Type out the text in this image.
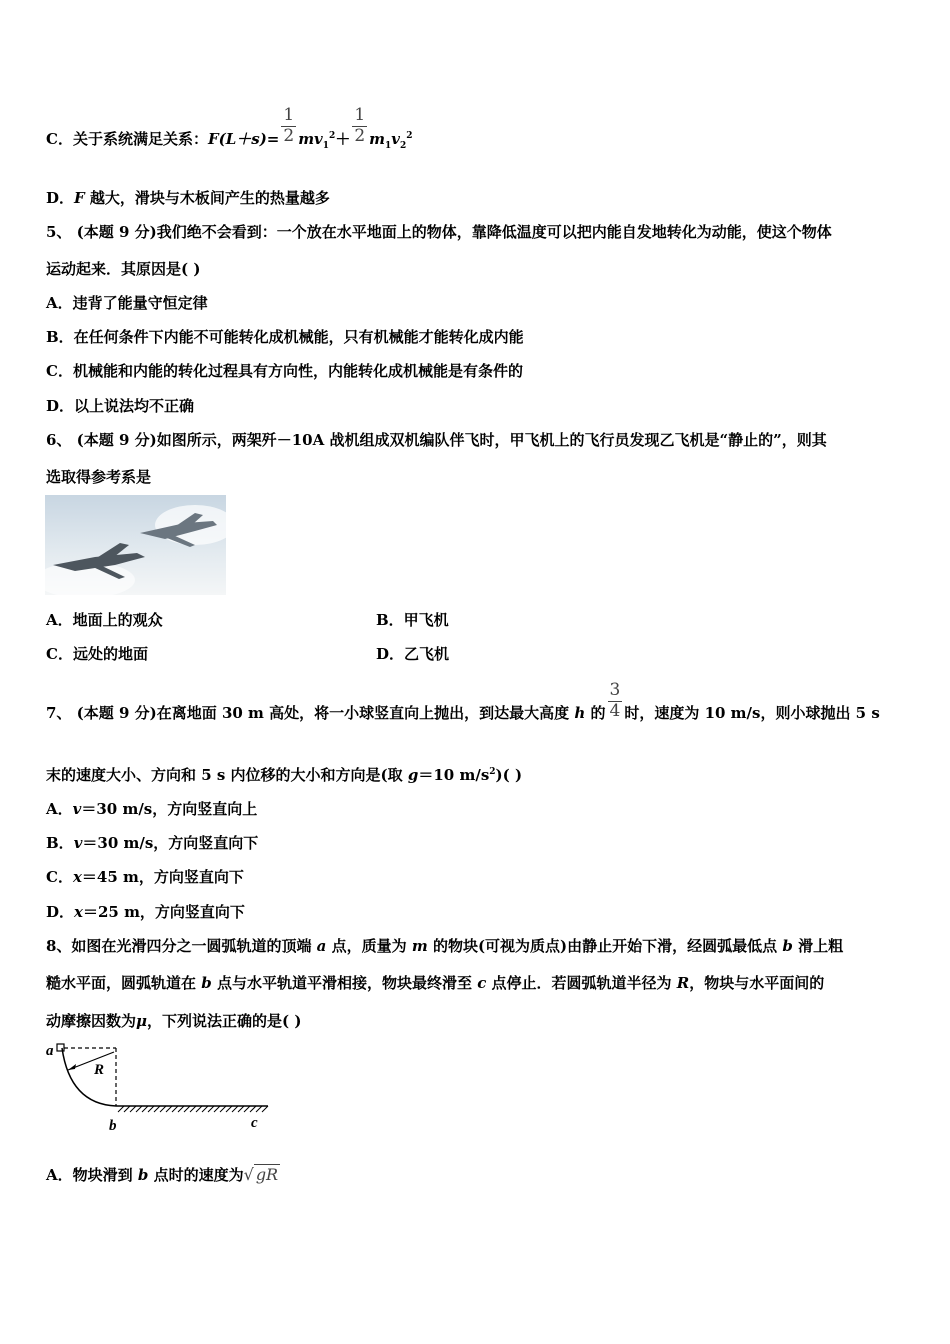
C．关于系统满足关系：$F(L+s)= \frac{1}{2} mv_1^2+ \frac{1}{2} m_1v_2^2$
D．F 越大，滑块与木板间产生的热量越多
5、 (本题 9 分)我们绝不会看到：一个放在水平地面上的物体，靠降低温度可以把内能自发地转化为动能，使这个物体
运动起来．其原因是( )
A．违背了能量守恒定律
B．在任何条件下内能不可能转化成机械能，只有机械能才能转化成内能
C．机械能和内能的转化过程具有方向性，内能转化成机械能是有条件的
D．以上说法均不正确
6、 (本题 9 分)如图所示，两架歼－10A 战机组成双机编队伴飞时，甲飞机上的飞行员发现乙飞机是“静止的”，则其
选取得参考系是
A．地面上的观众	B．甲飞机
C．远处的地面	D．乙飞机
7、 (本题 9 分)在离地面 30 m 高处，将一小球竖直向上抛出，到达最大高度 h 的 $\frac{3}{4}$ 时，速度为 10 m/s，则小球抛出 5 s
末的速度大小、方向和 5 s 内位移的大小和方向是(取 g＝10 $m/s^2$)( )
A．v＝30 m/s，方向竖直向上
B．v＝30 m/s，方向竖直向下
C．x＝45 m，方向竖直向下
D．x＝25 m，方向竖直向下
8、如图在光滑四分之一圆弧轨道的顶端 a 点，质量为 m 的物块(可视为质点)由静止开始下滑，经圆弧最低点 b 滑上粗
糙水平面，圆弧轨道在 b 点与水平轨道平滑相接，物块最终滑至 c 点停止．若圆弧轨道半径为 R，物块与水平面间的
动摩擦因数为μ，下列说法正确的是( )
a
R
b	c
A．物块滑到 b 点时的速度为√ gR
